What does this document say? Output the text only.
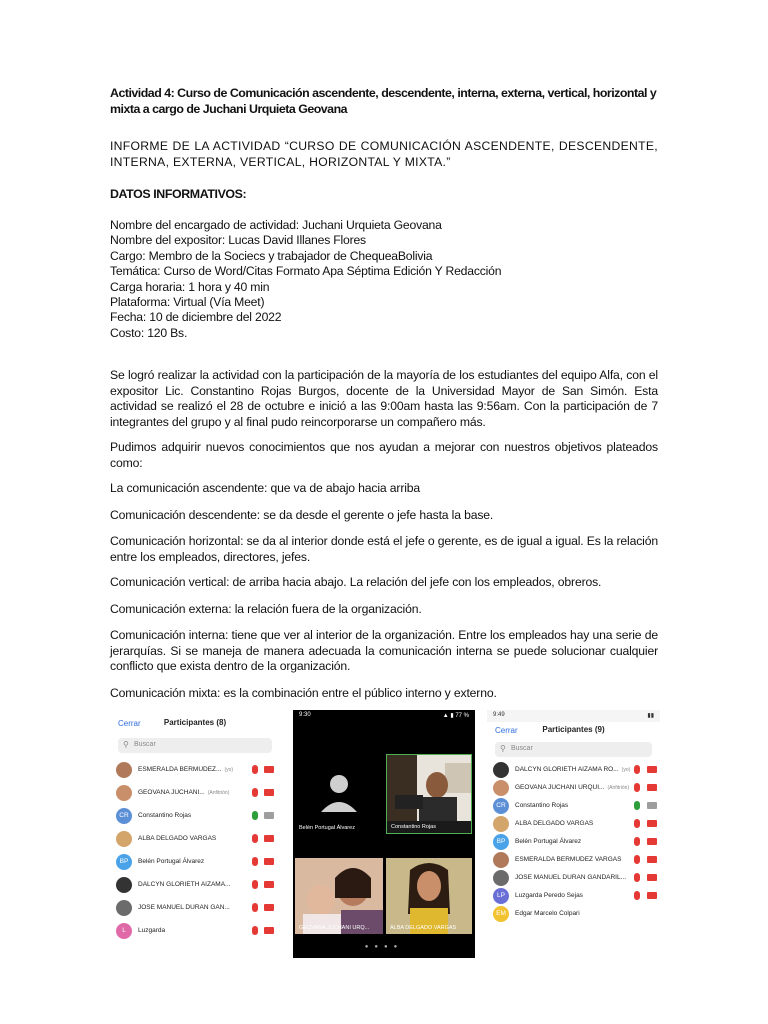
Actividad 4: Curso de Comunicación ascendente, descendente, interna, externa, vertical, horizontal y mixta a cargo de Juchani Urquieta Geovana

INFORME DE LA ACTIVIDAD “CURSO DE COMUNICACIÓN ASCENDENTE, DESCENDENTE, INTERNA, EXTERNA, VERTICAL, HORIZONTAL Y MIXTA.”

DATOS INFORMATIVOS:

Nombre del encargado de actividad: Juchani Urquieta Geovana

Nombre del expositor: Lucas David Illanes Flores

Cargo: Membro de la Sociecs y trabajador de ChequeaBolivia

Temática: Curso de Word/Citas Formato Apa Séptima Edición Y Redacción

Carga horaria: 1 hora y 40 min

Plataforma: Virtual (Vía Meet)

Fecha: 10 de diciembre del 2022

Costo: 120 Bs.

Se logró realizar la actividad con la participación de la mayoría de los estudiantes del equipo Alfa, con el expositor Lic. Constantino Rojas Burgos, docente de la Universidad Mayor de San Simón. Esta actividad se realizó el 28 de octubre e inició a las 9:00am hasta las 9:56am. Con la participación de 7 integrantes del grupo y al final pudo reincorporarse un compañero más.

Pudimos adquirir nuevos conocimientos que nos ayudan a mejorar con nuestros objetivos plateados como:

La comunicación ascendente: que va de abajo hacia arriba

Comunicación descendente: se da desde el gerente o jefe hasta la base.

Comunicación horizontal: se da al interior donde está el jefe o gerente, es de igual a igual. Es la relación entre los empleados, directores, jefes.

Comunicación vertical: de arriba hacia abajo. La relación del jefe con los empleados, obreros.

Comunicación externa: la relación fuera de la organización.

Comunicación interna: tiene que ver al interior de la organización. Entre los empleados hay una serie de jerarquías. Si se maneja de manera adecuada la comunicación interna se puede solucionar cualquier conflicto que exista dentro de la organización.

Comunicación mixta: es la combinación entre el público interno y externo.

Cerrar	Participantes (8)
⚲ Buscar
ESMERALDA BERMUDEZ... (yo)
GEOVANA JUCHANI... (Anfitrión)
CR	Constantino Rojas
ALBA DELGADO VARGAS
BP	Belén Portugal Álvarez
DALCYN GLORIETH AIZAMA...
JOSE MANUEL DURAN GAN...
L	Luzgarda
9:30	▲ ▮ 77 %
Belén Portugal Álvarez	Constantino Rojas
GEOVANA JUCHANI URQ...	ALBA DELGADO VARGAS
●●●●
9:49	▮▮
Cerrar	Participantes (9)
⚲ Buscar
DALCYN GLORIETH AIZAMA RO... (yo)
GEOVANA JUCHANI URQUI... (Anfitrión)
CR	Constantino Rojas
ALBA DELGADO VARGAS
BP	Belén Portugal Álvarez
ESMERALDA BERMUDEZ VARGAS
JOSE MANUEL DURAN GANDARIL...
LP	Luzgarda Peredo Sejas
EM	Edgar Marcelo Colpari
